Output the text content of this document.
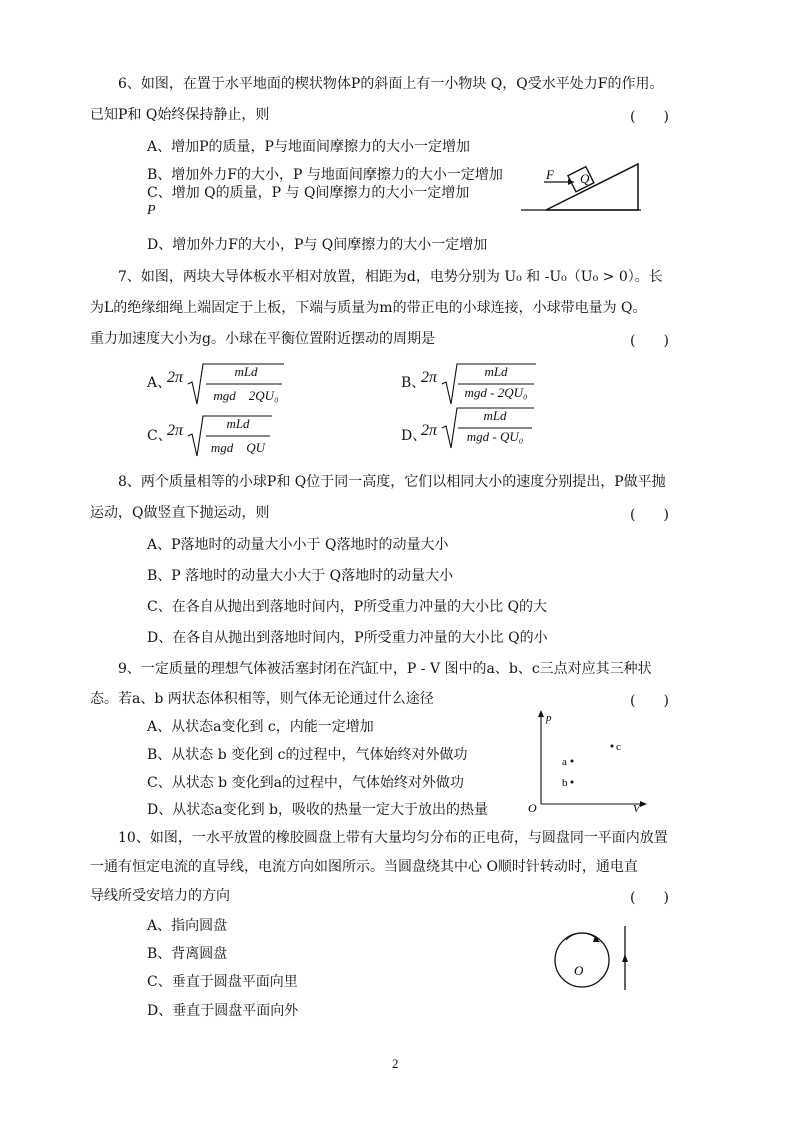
6、如图，在置于水平地面的楔状物体P的斜面上有一小物块 Q，Q受水平处力F的作用。
已知P和 Q始终保持静止，则	(　　)
A、增加P的质量，P与地面间摩擦力的大小一定增加
B、增加外力F的大小，P 与地面间摩擦力的大小一定增加
C、增加 Q的质量，P 与 Q间摩擦力的大小一定增加
P
D、增加外力F的大小，P与 Q间摩擦力的大小一定增加
Q
F
7、如图，两块大导体板水平相对放置，相距为d，电势分别为 U₀ 和 -U₀（U₀ > 0）。长
为L的绝缘细绳上端固定于上板，下端与质量为m的带正电的小球连接，小球带电量为 Q。
重力加速度大小为g。小球在平衡位置附近摆动的周期是	(　　)
A、
2π	mLd
mgd　2QU₀
B、
2π	mLd
mgd - 2QU₀
C、
2π	mLd
mgd　QU
D、
2π
mLd
mgd - QU₀
8、两个质量相等的小球P和 Q位于同一高度，它们以相同大小的速度分别提出，P做平抛
运动，Q做竖直下抛运动，则	(　　)
A、P落地时的动量大小小于 Q落地时的动量大小
B、P 落地时的动量大小大于 Q落地时的动量大小
C、在各自从抛出到落地时间内，P所受重力冲量的大小比 Q的大
D、在各自从抛出到落地时间内，P所受重力冲量的大小比 Q的小
9、一定质量的理想气体被活塞封闭在汽缸中，P - V 图中的a、b、c三点对应其三种状
态。若a、b 两状态体积相等，则气体无论通过什么途径	(　　)
A、从状态a变化到 c，内能一定增加
B、从状态 b 变化到 c的过程中，气体始终对外做功
C、从状态 b 变化到a的过程中，气体始终对外做功
D、从状态a变化到 b，吸收的热量一定大于放出的热量
p
V
O
a
b
c
10、如图，一水平放置的橡胶圆盘上带有大量均匀分布的正电荷，与圆盘同一平面内放置
一通有恒定电流的直导线，电流方向如图所示。当圆盘绕其中心 O顺时针转动时，通电直
导线所受安培力的方向	(　　)
A、指向圆盘
B、背离圆盘
C、垂直于圆盘平面向里
D、垂直于圆盘平面向外
O
2
